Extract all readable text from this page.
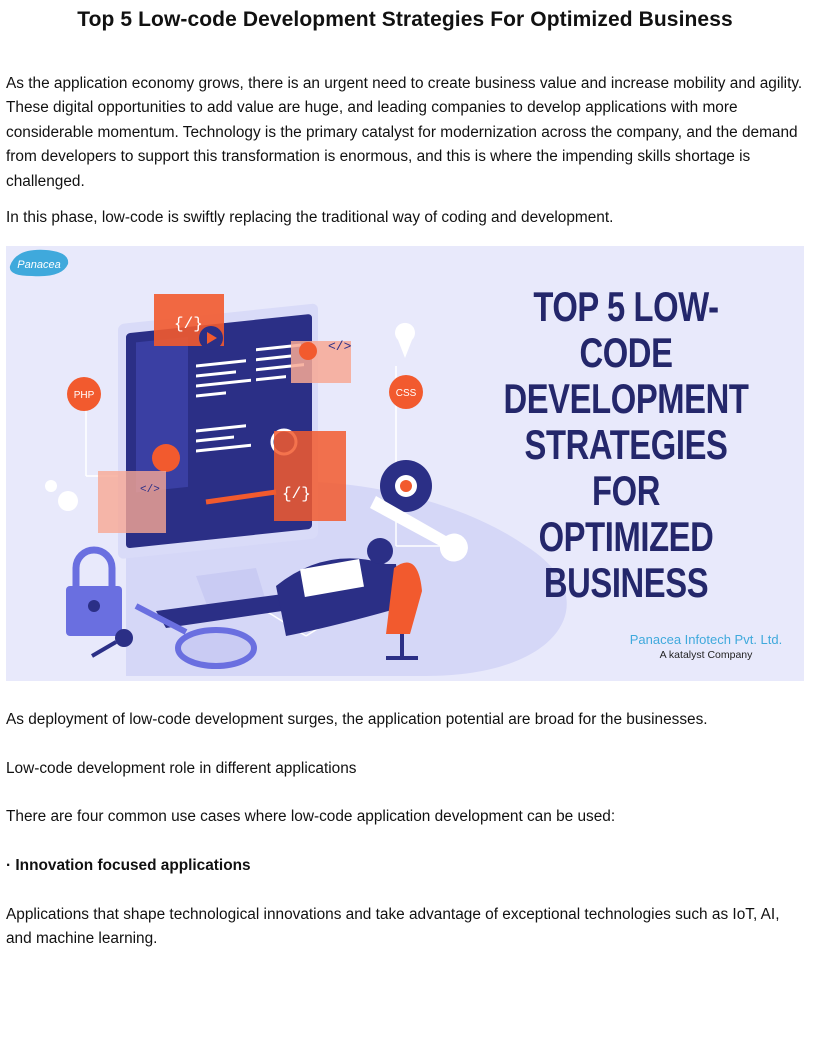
Top 5 Low-code Development Strategies For Optimized Business

As the application economy grows, there is an urgent need to create business value and increase mobility and agility. These digital opportunities to add value are huge, and leading companies to develop applications with more considerable momentum. Technology is the primary catalyst for modernization across the company, and the demand from developers to support this transformation is enormous, and this is where the impending skills shortage is challenged.

In this phase, low-code is swiftly replacing the traditional way of coding and development.

PHP	CSS
{/}
</>
{/}
</>
TOP 5 LOW-CODE
DEVELOPMENT
STRATEGIES FOR
OPTIMIZED BUSINESS
Panacea
Panacea Infotech Pvt. Ltd.
A katalyst Company

As deployment of low-code development surges, the application potential are broad for the businesses.

Low-code development role in different applications

There are four common use cases where low-code application development can be used:

· Innovation focused applications

Applications that shape technological innovations and take advantage of exceptional technologies such as IoT, AI, and machine learning.
